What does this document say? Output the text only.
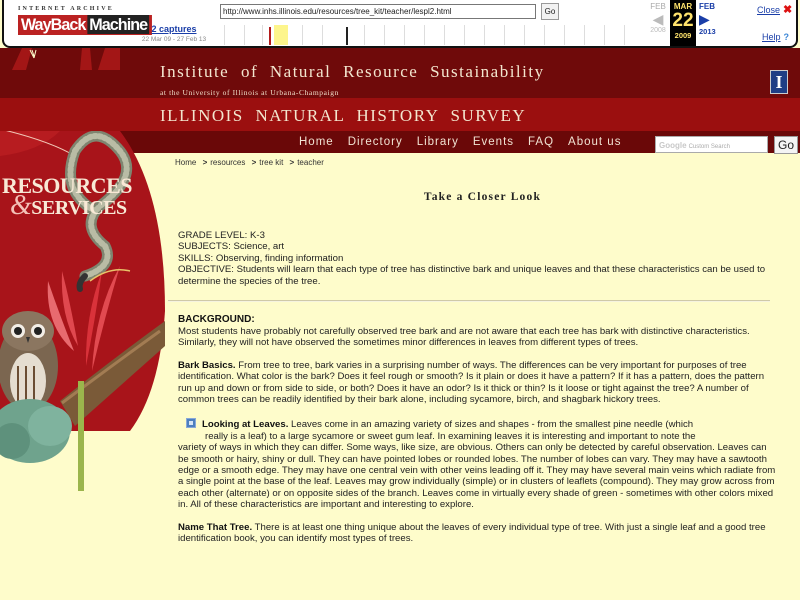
INTERNET ARCHIVE
WayBack Machine
http://www.inhs.illinois.edu/resources/tree_kit/teacher/lespl2.html
Go
2 captures
22 Mar 09 - 27 Feb 13
FEB
◀
2008
MAR
22
2009
FEB
▶
2013
Close ✖
Help ?
Institute of Natural Resource Sustainability
at the University of Illinois at Urbana-Champaign
ILLINOIS NATURAL HISTORY SURVEY
I
Home Directory Library Events FAQ About us	Google Custom Search	Go
RESOURCES
&SERVICES
Home > resources > tree kit > teacher
Take a Closer Look
GRADE LEVEL: K-3
SUBJECTS: Science, art
SKILLS: Observing, finding information
OBJECTIVE: Students will learn that each type of tree has distinctive bark and unique leaves and that these characteristics can be used to determine the species of the tree.
BACKGROUND:

Most students have probably not carefully observed tree bark and are not aware that each tree has bark with distinctive characteristics. Similarly, they will not have observed the sometimes minor differences in leaves from different types of trees.

Bark Basics. From tree to tree, bark varies in a surprising number of ways. The differences can be very important for purposes of tree identification. What color is the bark? Does it feel rough or smooth? Is it plain or does it have a pattern? If it has a pattern, does the pattern run up and down or from side to side, or both? Does it have an odor? Is it thick or thin? Is it loose or tight against the tree? A number of common trees can be readily identified by their bark alone, including sycamore, birch, and shagbark hickory trees.

Looking at Leaves. Leaves come in an amazing variety of sizes and shapes - from the smallest pine needle (which
really is a leaf) to a large sycamore or sweet gum leaf. In examining leaves it is interesting and important to note the
variety of ways in which they can differ. Some ways, like size, are obvious. Others can only be detected by careful observation. Leaves can be smooth or hairy, shiny or dull. They can have pointed lobes or rounded lobes. The number of lobes can vary. They may have a sawtooth edge or a smooth edge. They may have one central vein with other veins leading off it. They may have several main veins which radiate from a single point at the base of the leaf. Leaves may grow individually (simple) or in clusters of leaflets (compound). They may grow across from each other (alternate) or on opposite sides of the branch. Leaves come in virtually every shade of green - sometimes with other colors mixed in. All of these characteristics are important and interesting to explore.

Name That Tree. There is at least one thing unique about the leaves of every individual type of tree. With just a single leaf and a good tree identification book, you can identify most types of trees.
